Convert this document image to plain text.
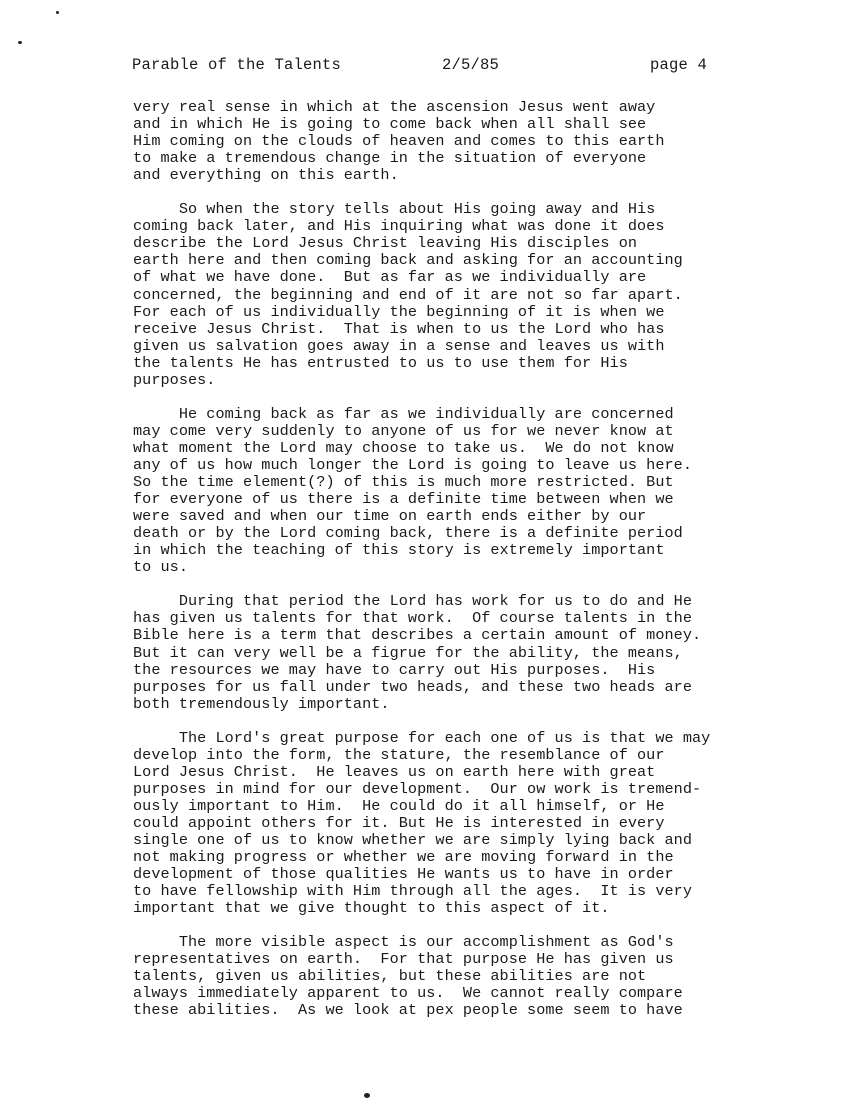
Parable of the Talents	2/5/85	page 4
very real sense in which at the ascension Jesus went away
and in which He is going to come back when all shall see
Him coming on the clouds of heaven and comes to this earth
to make a tremendous change in the situation of everyone
and everything on this earth.
So when the story tells about His going away and His
coming back later, and His inquiring what was done it does
describe the Lord Jesus Christ leaving His disciples on
earth here and then coming back and asking for an accounting
of what we have done.  But as far as we individually are
concerned, the beginning and end of it are not so far apart.
For each of us individually the beginning of it is when we
receive Jesus Christ.  That is when to us the Lord who has
given us salvation goes away in a sense and leaves us with
the talents He has entrusted to us to use them for His
purposes.
He coming back as far as we individually are concerned
may come very suddenly to anyone of us for we never know at
what moment the Lord may choose to take us.  We do not know
any of us how much longer the Lord is going to leave us here.
So the time element(?) of this is much more restricted. But
for everyone of us there is a definite time between when we
were saved and when our time on earth ends either by our
death or by the Lord coming back, there is a definite period
in which the teaching of this story is extremely important
to us.
During that period the Lord has work for us to do and He
has given us talents for that work.  Of course talents in the
Bible here is a term that describes a certain amount of money.
But it can very well be a figrue for the ability, the means,
the resources we may have to carry out His purposes.  His
purposes for us fall under two heads, and these two heads are
both tremendously important.
The Lord's great purpose for each one of us is that we may
develop into the form, the stature, the resemblance of our
Lord Jesus Christ.  He leaves us on earth here with great
purposes in mind for our development.  Our ow work is tremend-
ously important to Him.  He could do it all himself, or He
could appoint others for it. But He is interested in every
single one of us to know whether we are simply lying back and
not making progress or whether we are moving forward in the
development of those qualities He wants us to have in order
to have fellowship with Him through all the ages.  It is very
important that we give thought to this aspect of it.
The more visible aspect is our accomplishment as God's
representatives on earth.  For that purpose He has given us
talents, given us abilities, but these abilities are not
always immediately apparent to us.  We cannot really compare
these abilities.  As we look at pex people some seem to have
